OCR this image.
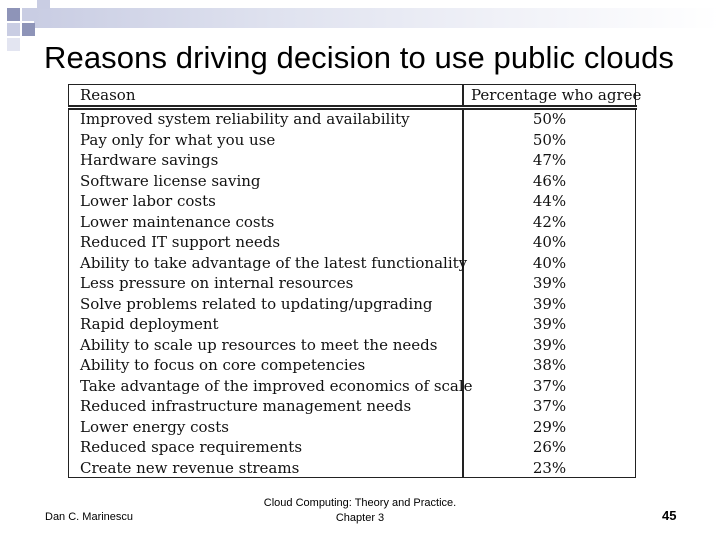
Reasons driving decision to use public clouds
Reason	Percentage who agree
Improved system reliability and availability	50%
Pay only for what you use	50%
Hardware savings	47%
Software license saving	46%
Lower labor costs	44%
Lower maintenance costs	42%
Reduced IT support needs	40%
Ability to take advantage of the latest functionality	40%
Less pressure on internal resources	39%
Solve problems related to updating/upgrading	39%
Rapid deployment	39%
Ability to scale up resources to meet the needs	39%
Ability to focus on core competencies	38%
Take advantage of the improved economics of scale	37%
Reduced infrastructure management needs	37%
Lower energy costs	29%
Reduced space requirements	26%
Create new revenue streams	23%
Dan C. Marinescu
Cloud Computing: Theory and Practice.
Chapter 3	45
